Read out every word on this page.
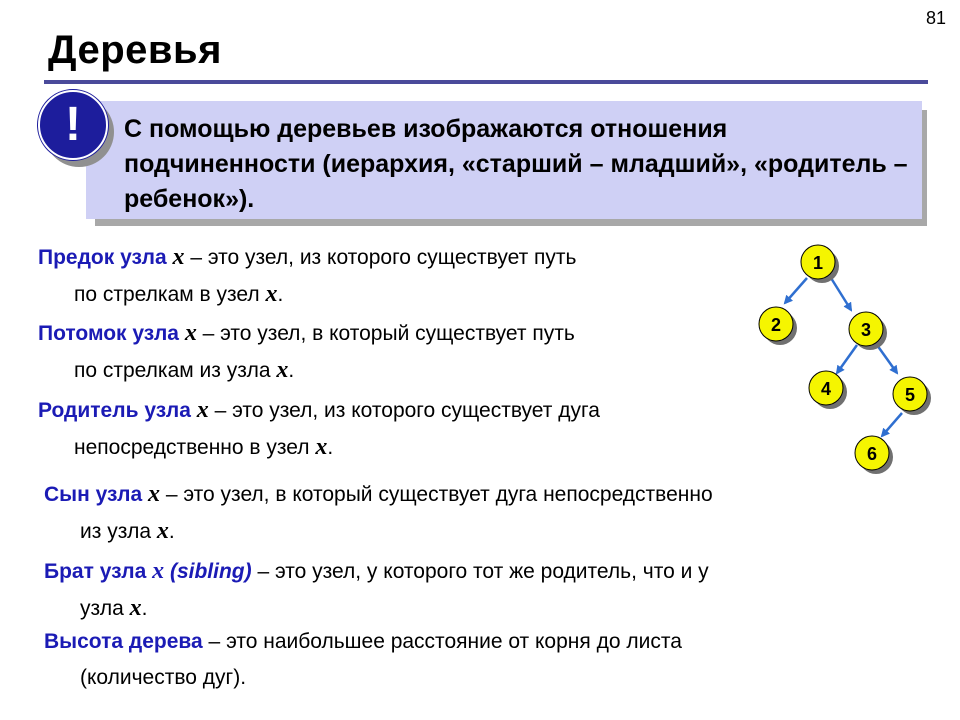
81
Деревья
С помощью деревьев изображаются отношения подчиненности (иерархия, «старший – младший», «родитель – ребенок»).
!
Предок узла x – это узел, из которого существует путь
по стрелкам в узел x.
Потомок узла x – это узел, в который существует путь
по стрелкам из узла x.
Родитель узла x – это узел, из которого существует дуга
непосредственно в узел x.
Сын узла x – это узел, в который существует дуга непосредственно
из узла x.
Брат узла x (sibling) – это узел, у которого тот же родитель, что и у
узла x.
Высота дерева – это наибольшее расстояние от корня до листа
(количество дуг).
1
2	3
4	5
6
